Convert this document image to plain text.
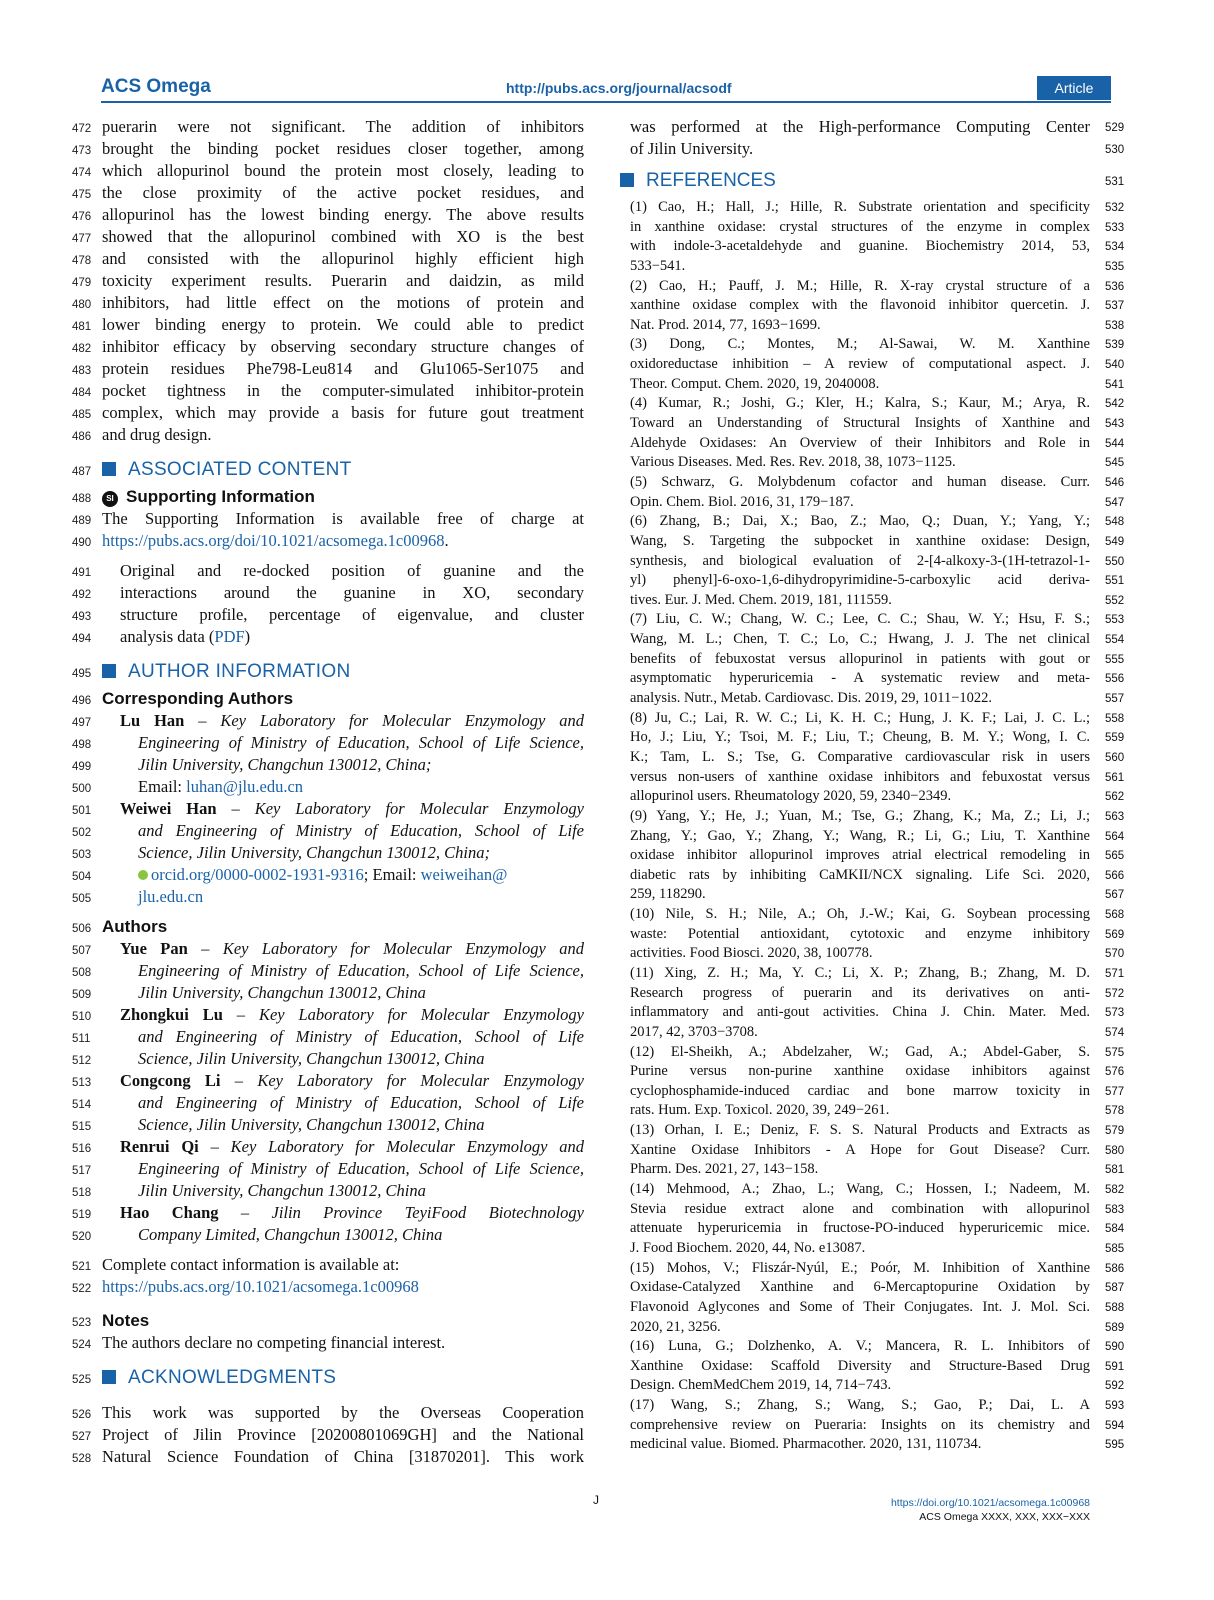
ACS Omega	http://pubs.acs.org/journal/acsodf	Article
472 puerarin were not significant. The addition of inhibitors
473 brought the binding pocket residues closer together, among
474 which allopurinol bound the protein most closely, leading to
475 the close proximity of the active pocket residues, and
476 allopurinol has the lowest binding energy. The above results
477 showed that the allopurinol combined with XO is the best
478 and consisted with the allopurinol highly efficient high
479 toxicity experiment results. Puerarin and daidzin, as mild
480 inhibitors, had little effect on the motions of protein and
481 lower binding energy to protein. We could able to predict
482 inhibitor efficacy by observing secondary structure changes of
483 protein residues Phe798-Leu814 and Glu1065-Ser1075 and
484 pocket tightness in the computer-simulated inhibitor-protein
485 complex, which may provide a basis for future gout treatment
486 and drug design.
487	ASSOCIATED CONTENT
488	SI Supporting Information
489 The Supporting Information is available free of charge at
490 https://pubs.acs.org/doi/10.1021/acsomega.1c00968.
491 Original and re-docked position of guanine and the
492 interactions around the guanine in XO, secondary
493 structure profile, percentage of eigenvalue, and cluster
494 analysis data (PDF)
495	AUTHOR INFORMATION
496 Corresponding Authors
497 Lu Han – Key Laboratory for Molecular Enzymology and
498	Engineering of Ministry of Education, School of Life Science,
499	Jilin University, Changchun 130012, China;
500	Email: luhan@jlu.edu.cn
501 Weiwei Han – Key Laboratory for Molecular Enzymology
502	and Engineering of Ministry of Education, School of Life
503	Science, Jilin University, Changchun 130012, China;
504	orcid.org/0000-0002-1931-9316; Email: weiweihan@
505	jlu.edu.cn
506 Authors
507 Yue Pan – Key Laboratory for Molecular Enzymology and
508	Engineering of Ministry of Education, School of Life Science,
509	Jilin University, Changchun 130012, China
510 Zhongkui Lu – Key Laboratory for Molecular Enzymology
511	and Engineering of Ministry of Education, School of Life
512	Science, Jilin University, Changchun 130012, China
513 Congcong Li – Key Laboratory for Molecular Enzymology
514	and Engineering of Ministry of Education, School of Life
515	Science, Jilin University, Changchun 130012, China
516 Renrui Qi – Key Laboratory for Molecular Enzymology and
517	Engineering of Ministry of Education, School of Life Science,
518	Jilin University, Changchun 130012, China
519 Hao Chang – Jilin Province TeyiFood Biotechnology
520	Company Limited, Changchun 130012, China
521 Complete contact information is available at:
522 https://pubs.acs.org/10.1021/acsomega.1c00968
523 Notes
524 The authors declare no competing financial interest.
525	ACKNOWLEDGMENTS
526 This work was supported by the Overseas Cooperation
527 Project of Jilin Province [20200801069GH] and the National
528 Natural Science Foundation of China [31870201]. This work
was performed at the High-performance Computing Center 529
of Jilin University.	530
REFERENCES	531
(1) Cao, H.; Hall, J.; Hille, R. Substrate orientation and specificity 532
in xanthine oxidase: crystal structures of the enzyme in complex 533
with indole-3-acetaldehyde and guanine. Biochemistry 2014, 53, 534
533−541.	535
(2) Cao, H.; Pauff, J. M.; Hille, R. X-ray crystal structure of a 536
xanthine oxidase complex with the flavonoid inhibitor quercetin. J. 537
Nat. Prod. 2014, 77, 1693−1699.	538
(3) Dong, C.; Montes, M.; Al-Sawai, W. M. Xanthine 539
oxidoreductase inhibition – A review of computational aspect. J. 540
Theor. Comput. Chem. 2020, 19, 2040008.	541
(4) Kumar, R.; Joshi, G.; Kler, H.; Kalra, S.; Kaur, M.; Arya, R. 542
Toward an Understanding of Structural Insights of Xanthine and 543
Aldehyde Oxidases: An Overview of their Inhibitors and Role in 544
Various Diseases. Med. Res. Rev. 2018, 38, 1073−1125.	545
(5) Schwarz, G. Molybdenum cofactor and human disease. Curr. 546
Opin. Chem. Biol. 2016, 31, 179−187.	547
(6) Zhang, B.; Dai, X.; Bao, Z.; Mao, Q.; Duan, Y.; Yang, Y.; 548
Wang, S. Targeting the subpocket in xanthine oxidase: Design, 549
synthesis, and biological evaluation of 2-[4-alkoxy-3-(1H-tetrazol-1- 550
yl) phenyl]-6-oxo-1,6-dihydropyrimidine-5-carboxylic acid deriva- 551
tives. Eur. J. Med. Chem. 2019, 181, 111559.	552
(7) Liu, C. W.; Chang, W. C.; Lee, C. C.; Shau, W. Y.; Hsu, F. S.; 553
Wang, M. L.; Chen, T. C.; Lo, C.; Hwang, J. J. The net clinical 554
benefits of febuxostat versus allopurinol in patients with gout or 555
asymptomatic hyperuricemia - A systematic review and meta- 556
analysis. Nutr., Metab. Cardiovasc. Dis. 2019, 29, 1011−1022.	557
(8) Ju, C.; Lai, R. W. C.; Li, K. H. C.; Hung, J. K. F.; Lai, J. C. L.; 558
Ho, J.; Liu, Y.; Tsoi, M. F.; Liu, T.; Cheung, B. M. Y.; Wong, I. C. 559
K.; Tam, L. S.; Tse, G. Comparative cardiovascular risk in users 560
versus non-users of xanthine oxidase inhibitors and febuxostat versus 561
allopurinol users. Rheumatology 2020, 59, 2340−2349.	562
(9) Yang, Y.; He, J.; Yuan, M.; Tse, G.; Zhang, K.; Ma, Z.; Li, J.; 563
Zhang, Y.; Gao, Y.; Zhang, Y.; Wang, R.; Li, G.; Liu, T. Xanthine 564
oxidase inhibitor allopurinol improves atrial electrical remodeling in 565
diabetic rats by inhibiting CaMKII/NCX signaling. Life Sci. 2020, 566
259, 118290.	567
(10) Nile, S. H.; Nile, A.; Oh, J.-W.; Kai, G. Soybean processing 568
waste: Potential antioxidant, cytotoxic and enzyme inhibitory 569
activities. Food Biosci. 2020, 38, 100778.	570
(11) Xing, Z. H.; Ma, Y. C.; Li, X. P.; Zhang, B.; Zhang, M. D. 571
Research progress of puerarin and its derivatives on anti- 572
inflammatory and anti-gout activities. China J. Chin. Mater. Med. 573
2017, 42, 3703−3708.	574
(12) El-Sheikh, A.; Abdelzaher, W.; Gad, A.; Abdel-Gaber, S. 575
Purine versus non-purine xanthine oxidase inhibitors against 576
cyclophosphamide-induced cardiac and bone marrow toxicity in 577
rats. Hum. Exp. Toxicol. 2020, 39, 249−261.	578
(13) Orhan, I. E.; Deniz, F. S. S. Natural Products and Extracts as 579
Xantine Oxidase Inhibitors - A Hope for Gout Disease? Curr. 580
Pharm. Des. 2021, 27, 143−158.	581
(14) Mehmood, A.; Zhao, L.; Wang, C.; Hossen, I.; Nadeem, M. 582
Stevia residue extract alone and combination with allopurinol 583
attenuate hyperuricemia in fructose-PO-induced hyperuricemic mice. 584
J. Food Biochem. 2020, 44, No. e13087.	585
(15) Mohos, V.; Fliszár-Nyúl, E.; Poór, M. Inhibition of Xanthine 586
Oxidase-Catalyzed Xanthine and 6-Mercaptopurine Oxidation by 587
Flavonoid Aglycones and Some of Their Conjugates. Int. J. Mol. Sci. 588
2020, 21, 3256.	589
(16) Luna, G.; Dolzhenko, A. V.; Mancera, R. L. Inhibitors of 590
Xanthine Oxidase: Scaffold Diversity and Structure-Based Drug 591
Design. ChemMedChem 2019, 14, 714−743.	592
(17) Wang, S.; Zhang, S.; Wang, S.; Gao, P.; Dai, L. A 593
comprehensive review on Pueraria: Insights on its chemistry and 594
medicinal value. Biomed. Pharmacother. 2020, 131, 110734.	595
J	https://doi.org/10.1021/acsomega.1c00968
ACS Omega XXXX, XXX, XXX−XXX
